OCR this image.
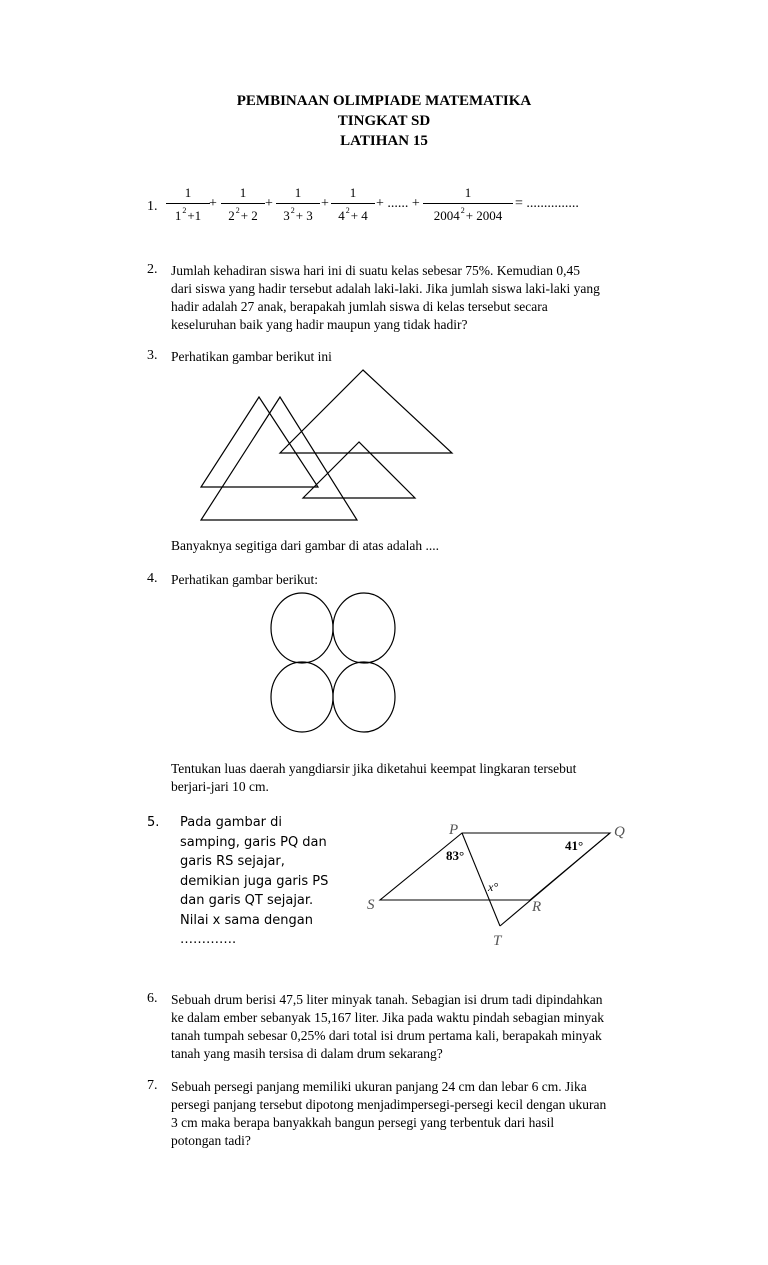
PEMBINAAN OLIMPIADE MATEMATIKA
TINGKAT SD
LATIHAN 15
1.
1
$1^2+1$
+
1
$2^2+ 2$
+
1
$3^2+ 3$
+
1
$4^2+ 4$
+ ...... +
1
$2004^2+ 2004$
= ...............
2. Jumlah kehadiran siswa hari ini di suatu kelas sebesar 75%. Kemudian 0,45
dari siswa yang hadir tersebut adalah laki-laki. Jika jumlah siswa laki-laki yang
hadir adalah 27 anak, berapakah jumlah siswa di kelas tersebut secara
keseluruhan baik yang hadir maupun yang tidak hadir?
3. Perhatikan gambar berikut ini
Banyaknya segitiga dari gambar di atas adalah ....
4. Perhatikan gambar berikut:
Tentukan luas daerah yangdiarsir jika diketahui keempat lingkaran tersebut
berjari-jari 10 cm.
5. Pada gambar di
samping, garis PQ dan
garis RS sejajar,
demikian juga garis PS
dan garis QT sejajar.
Nilai x sama dengan
………….
P	Q
S	R
T
83°
41°
x°
6. Sebuah drum berisi 47,5 liter minyak tanah. Sebagian isi drum tadi dipindahkan
ke dalam ember sebanyak 15,167 liter. Jika pada waktu pindah sebagian minyak
tanah tumpah sebesar 0,25% dari total isi drum pertama kali, berapakah minyak
tanah yang masih tersisa di dalam drum sekarang?
7. Sebuah persegi panjang memiliki ukuran panjang 24 cm dan lebar 6 cm. Jika
persegi panjang tersebut dipotong menjadimpersegi-persegi kecil dengan ukuran
3 cm maka berapa banyakkah bangun persegi yang terbentuk dari hasil
potongan tadi?
